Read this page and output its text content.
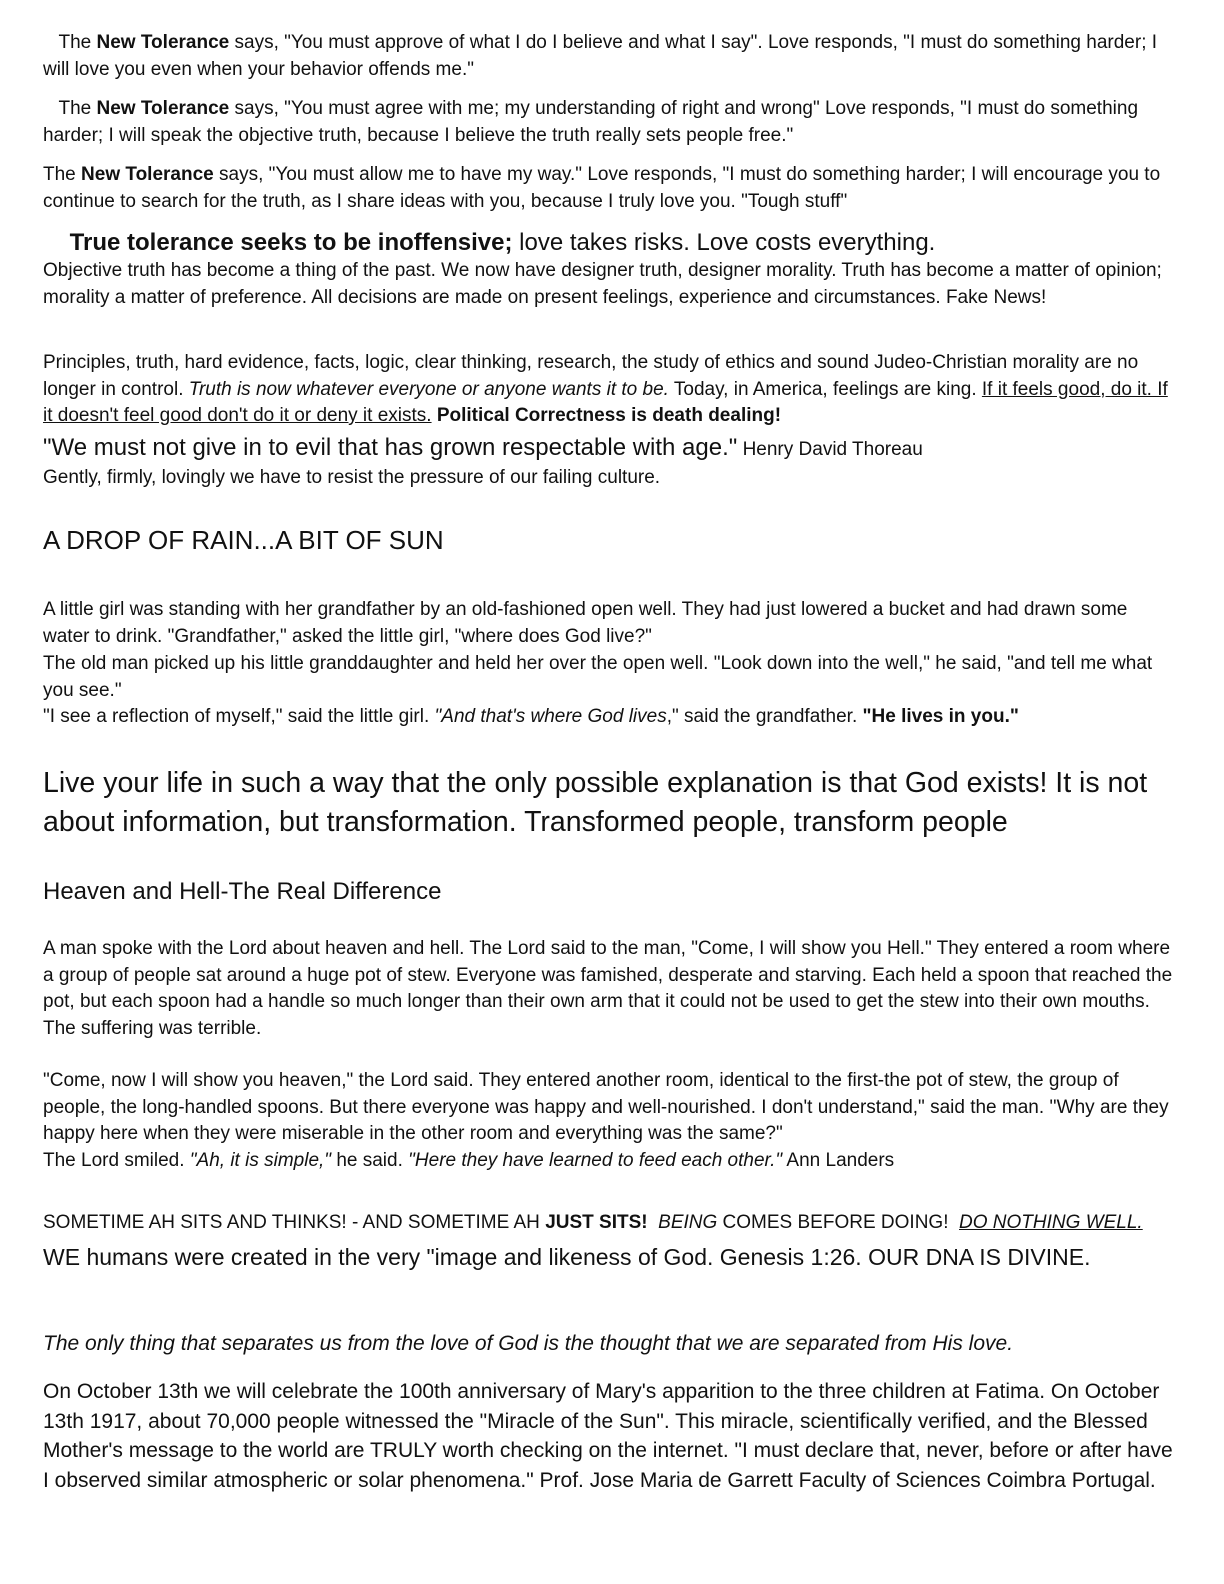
The New Tolerance says, "You must approve of what I do I believe and what I say". Love responds, "I must do something harder; I will love you even when your behavior offends me."

The New Tolerance says, "You must agree with me; my understanding of right and wrong" Love responds, "I must do something harder; I will speak the objective truth, because I believe the truth really sets people free."

The New Tolerance says, "You must allow me to have my way." Love responds, "I must do something harder; I will encourage you to continue to search for the truth, as I share ideas with you, because I truly love you. "Tough stuff"

True tolerance seeks to be inoffensive; love takes risks. Love costs everything.

Objective truth has become a thing of the past. We now have designer truth, designer morality. Truth has become a matter of opinion; morality a matter of preference. All decisions are made on present feelings, experience and circumstances. Fake News!

Principles, truth, hard evidence, facts, logic, clear thinking, research, the study of ethics and sound Judeo-Christian morality are no longer in control. Truth is now whatever everyone or anyone wants it to be. Today, in America, feelings are king. If it feels good, do it. If it doesn't feel good don't do it or deny it exists. Political Correctness is death dealing!

"We must not give in to evil that has grown respectable with age." Henry David Thoreau

Gently, firmly, lovingly we have to resist the pressure of our failing culture.

A DROP OF RAIN...A BIT OF SUN

A little girl was standing with her grandfather by an old-fashioned open well. They had just lowered a bucket and had drawn some water to drink. "Grandfather," asked the little girl, "where does God live?"

The old man picked up his little granddaughter and held her over the open well. "Look down into the well," he said, "and tell me what you see."

"I see a reflection of myself," said the little girl. "And that's where God lives," said the grandfather. "He lives in you."

Live your life in such a way that the only possible explanation is that God exists! It is not about information, but transformation. Transformed people, transform people

Heaven and Hell-The Real Difference

A man spoke with the Lord about heaven and hell. The Lord said to the man, "Come, I will show you Hell." They entered a room where a group of people sat around a huge pot of stew. Everyone was famished, desperate and starving. Each held a spoon that reached the pot, but each spoon had a handle so much longer than their own arm that it could not be used to get the stew into their own mouths. The suffering was terrible.

"Come, now I will show you heaven," the Lord said. They entered another room, identical to the first-the pot of stew, the group of people, the long-handled spoons. But there everyone was happy and well-nourished. I don't understand," said the man. ''Why are they happy here when they were miserable in the other room and everything was the same?"

The Lord smiled. "Ah, it is simple," he said. "Here they have learned to feed each other." Ann Landers

SOMETIME AH SITS AND THINKS! - AND SOMETIME AH JUST SITS! BEING COMES BEFORE DOING!  DO NOTHING WELL. WE humans were created in the very "image and likeness of God. Genesis 1:26. OUR DNA IS DIVINE.

The only thing that separates us from the love of God is the thought that we are separated from His love.

On October 13th we will celebrate the 100th anniversary of Mary's apparition to the three children at Fatima. On October 13th 1917, about 70,000 people witnessed the "Miracle of the Sun". This miracle, scientifically verified, and the Blessed Mother's message to the world are TRULY worth checking on the internet. "I must declare that, never, before or after have I observed similar atmospheric or solar phenomena." Prof. Jose Maria de Garrett Faculty of Sciences Coimbra Portugal.
